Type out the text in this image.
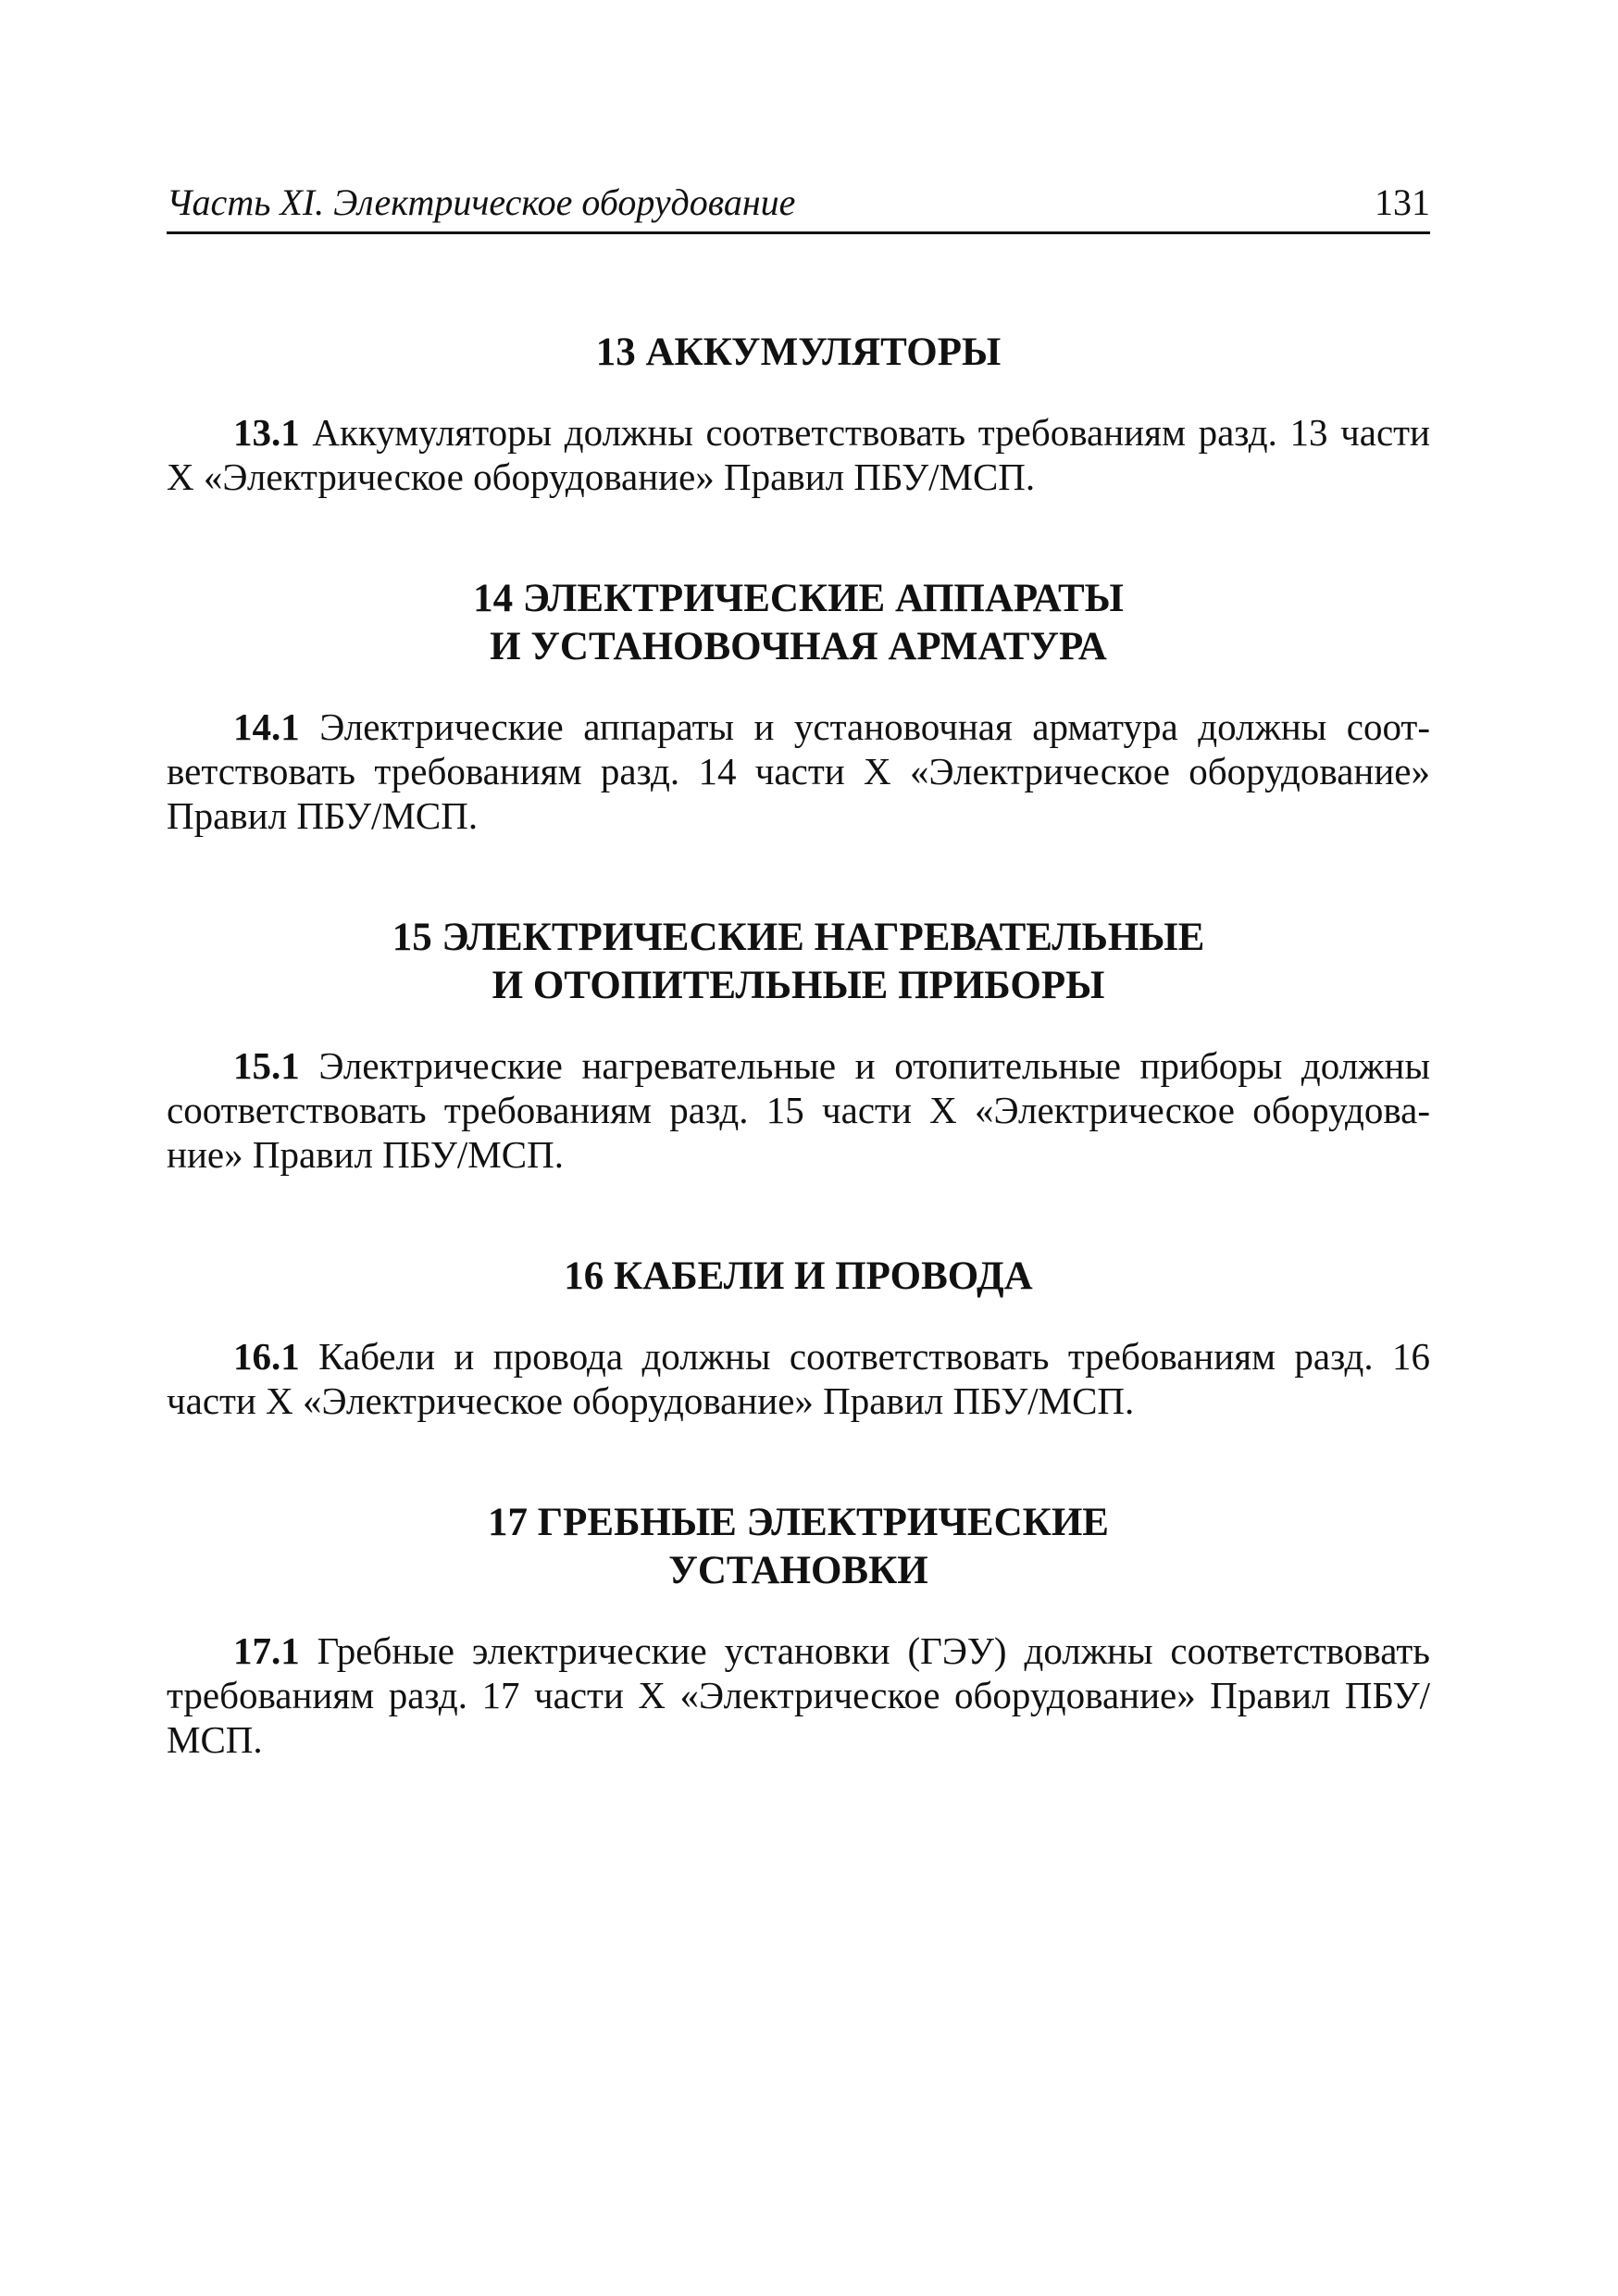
Часть XI. Электрическое оборудование	131
13 АККУМУЛЯТОРЫ

13.1 Аккумуляторы должны соответствовать требованиям разд. 13 части X «Электрическое оборудование» Правил ПБУ/МСП.

14 ЭЛЕКТРИЧЕСКИЕ АППАРАТЫ
И УСТАНОВОЧНАЯ АРМАТУРА

14.1 Электрические аппараты и установочная арматура должны соответствовать требованиям разд. 14 части X «Электрическое оборудование» Правил ПБУ/МСП.

15 ЭЛЕКТРИЧЕСКИЕ НАГРЕВАТЕЛЬНЫЕ
И ОТОПИТЕЛЬНЫЕ ПРИБОРЫ

15.1 Электрические нагревательные и отопительные приборы должны соответствовать требованиям разд. 15 части X «Электрическое оборудование» Правил ПБУ/МСП.

16 КАБЕЛИ И ПРОВОДА

16.1 Кабели и провода должны соответствовать требованиям разд. 16 части X «Электрическое оборудование» Правил ПБУ/МСП.

17 ГРЕБНЫЕ ЭЛЕКТРИЧЕСКИЕ
УСТАНОВКИ

17.1 Гребные электрические установки (ГЭУ) должны соответствовать требованиям разд. 17 части X «Электрическое оборудование» Правил ПБУ/МСП.
